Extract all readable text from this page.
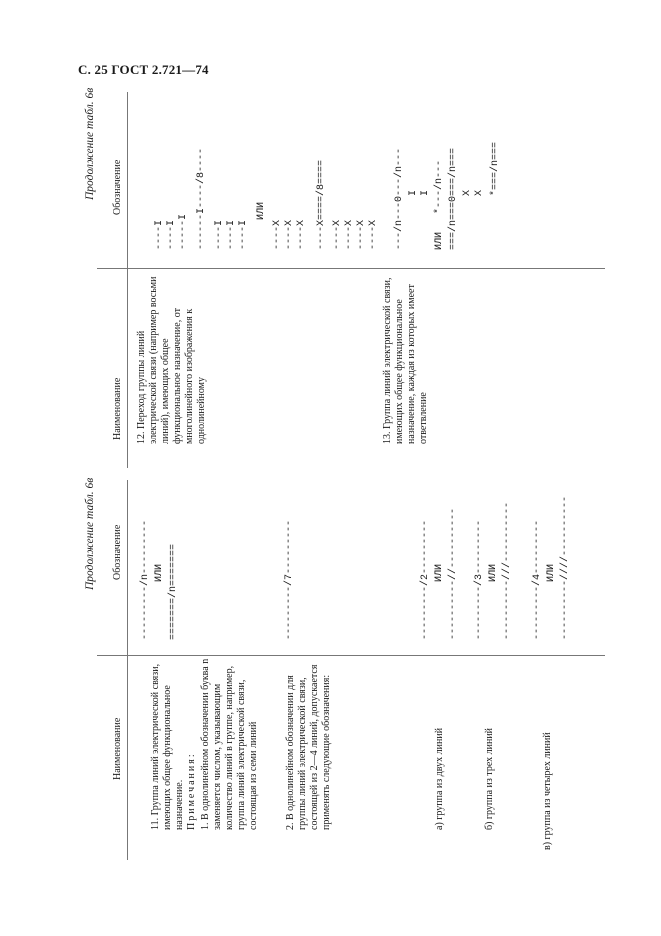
С. 25 ГОСТ 2.721—74
Продолжение табл. 6в
Наименование
Обозначение
12. Переход группы линий электрической связи (например восьми линий), имеющих общее функциональное назначение, от многолинейного изображения к однолинейному
----I ----I -----I ------I----/8---- ----I ----I ----I
ИЛИ
----X ----X ----X ----X====/8==== ----X ----X ----X ----X
13. Группа линий электрической связи, имеющих общее функциональное назначение, каждая из которых имеет ответвление
---/n---0---/n--- I I ИЛИ   *---/n--- ===/n===0===/n=== X X *===/n===
Продолжение табл. 6в
Наименование
Обозначение
11. Группа линий электрической связи, имеющих общее функциональное назначение. Примечания: 1. В однолинейном обозначении буква n заменяется числом, указывающим количество линий в группе, например, группа линий электрической связи, состоящая из семи линий	2. В однолинейном обозначении для группы линий электрической связи, состоящей из 2—4 линий, допускается применять следующие обозначения:
---------/n--------- ИЛИ =======/n=======	---------/7---------
а) группа из двух линий
---------/2--------- ИЛИ ----------//----------
б) группа из трех линий
---------/3--------- ИЛИ ----------///----------
в) группа из четырех линий
---------/4--------- ИЛИ ----------////----------
